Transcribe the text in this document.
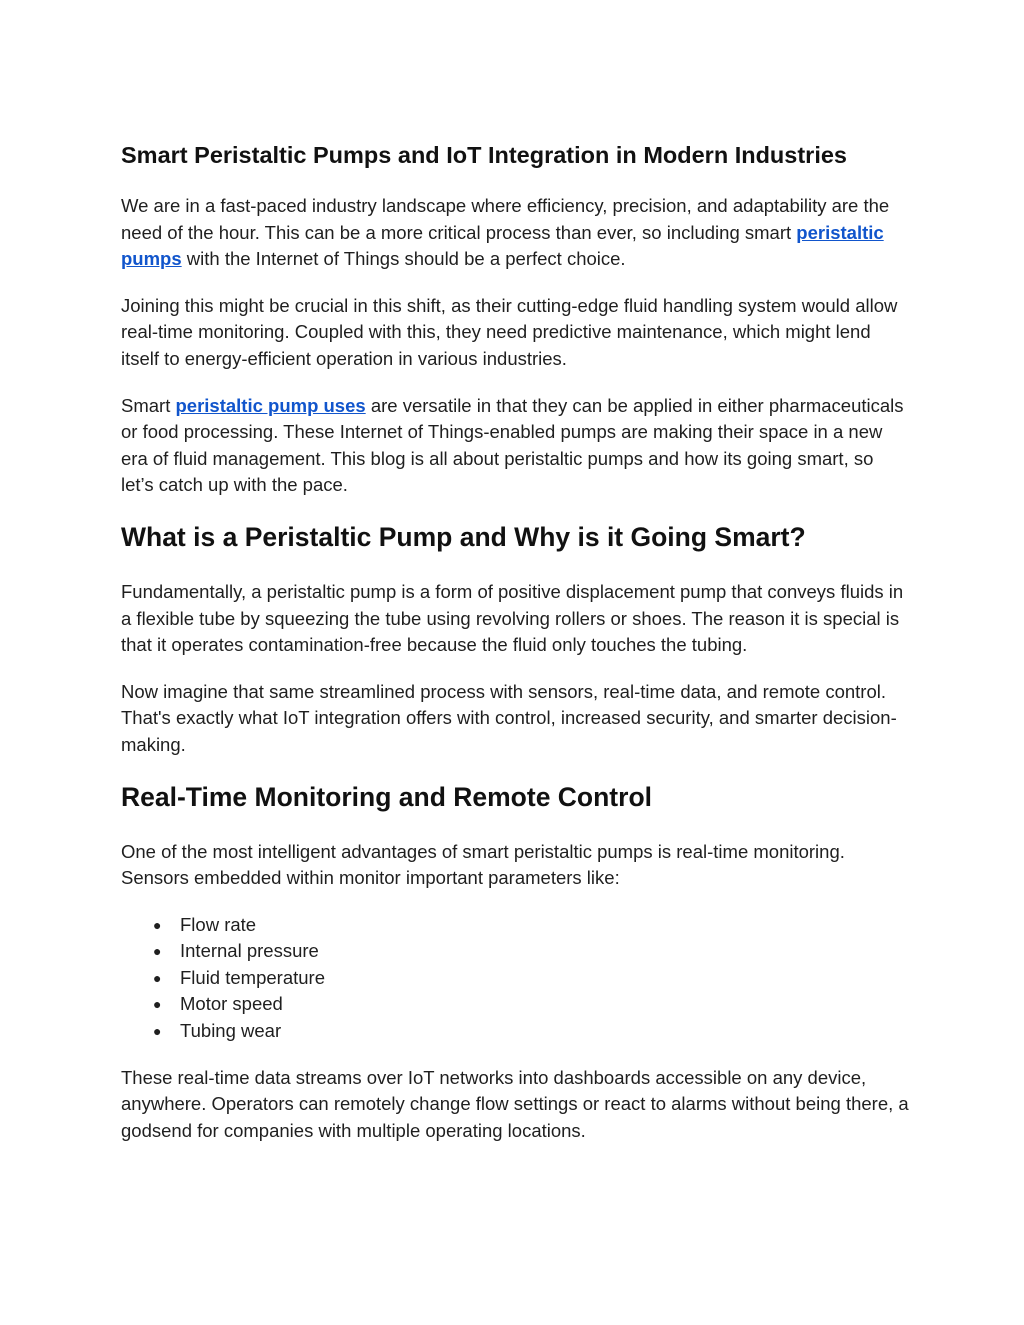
Smart Peristaltic Pumps and IoT Integration in Modern Industries

We are in a fast-paced industry landscape where efficiency, precision, and adaptability are the need of the hour. This can be a more critical process than ever, so including smart peristaltic pumps with the Internet of Things should be a perfect choice.

Joining this might be crucial in this shift, as their cutting-edge fluid handling system would allow real-time monitoring. Coupled with this, they need predictive maintenance, which might lend itself to energy-efficient operation in various industries.

Smart peristaltic pump uses are versatile in that they can be applied in either pharmaceuticals or food processing. These Internet of Things-enabled pumps are making their space in a new era of fluid management. This blog is all about peristaltic pumps and how its going smart, so let’s catch up with the pace.

What is a Peristaltic Pump and Why is it Going Smart?

Fundamentally, a peristaltic pump is a form of positive displacement pump that conveys fluids in a flexible tube by squeezing the tube using revolving rollers or shoes. The reason it is special is that it operates contamination-free because the fluid only touches the tubing.

Now imagine that same streamlined process with sensors, real-time data, and remote control. That's exactly what IoT integration offers with control, increased security, and smarter decision-making.

Real-Time Monitoring and Remote Control

One of the most intelligent advantages of smart peristaltic pumps is real-time monitoring. Sensors embedded within monitor important parameters like:

● Flow rate
● Internal pressure
● Fluid temperature
● Motor speed
● Tubing wear

These real-time data streams over IoT networks into dashboards accessible on any device, anywhere. Operators can remotely change flow settings or react to alarms without being there, a godsend for companies with multiple operating locations.
